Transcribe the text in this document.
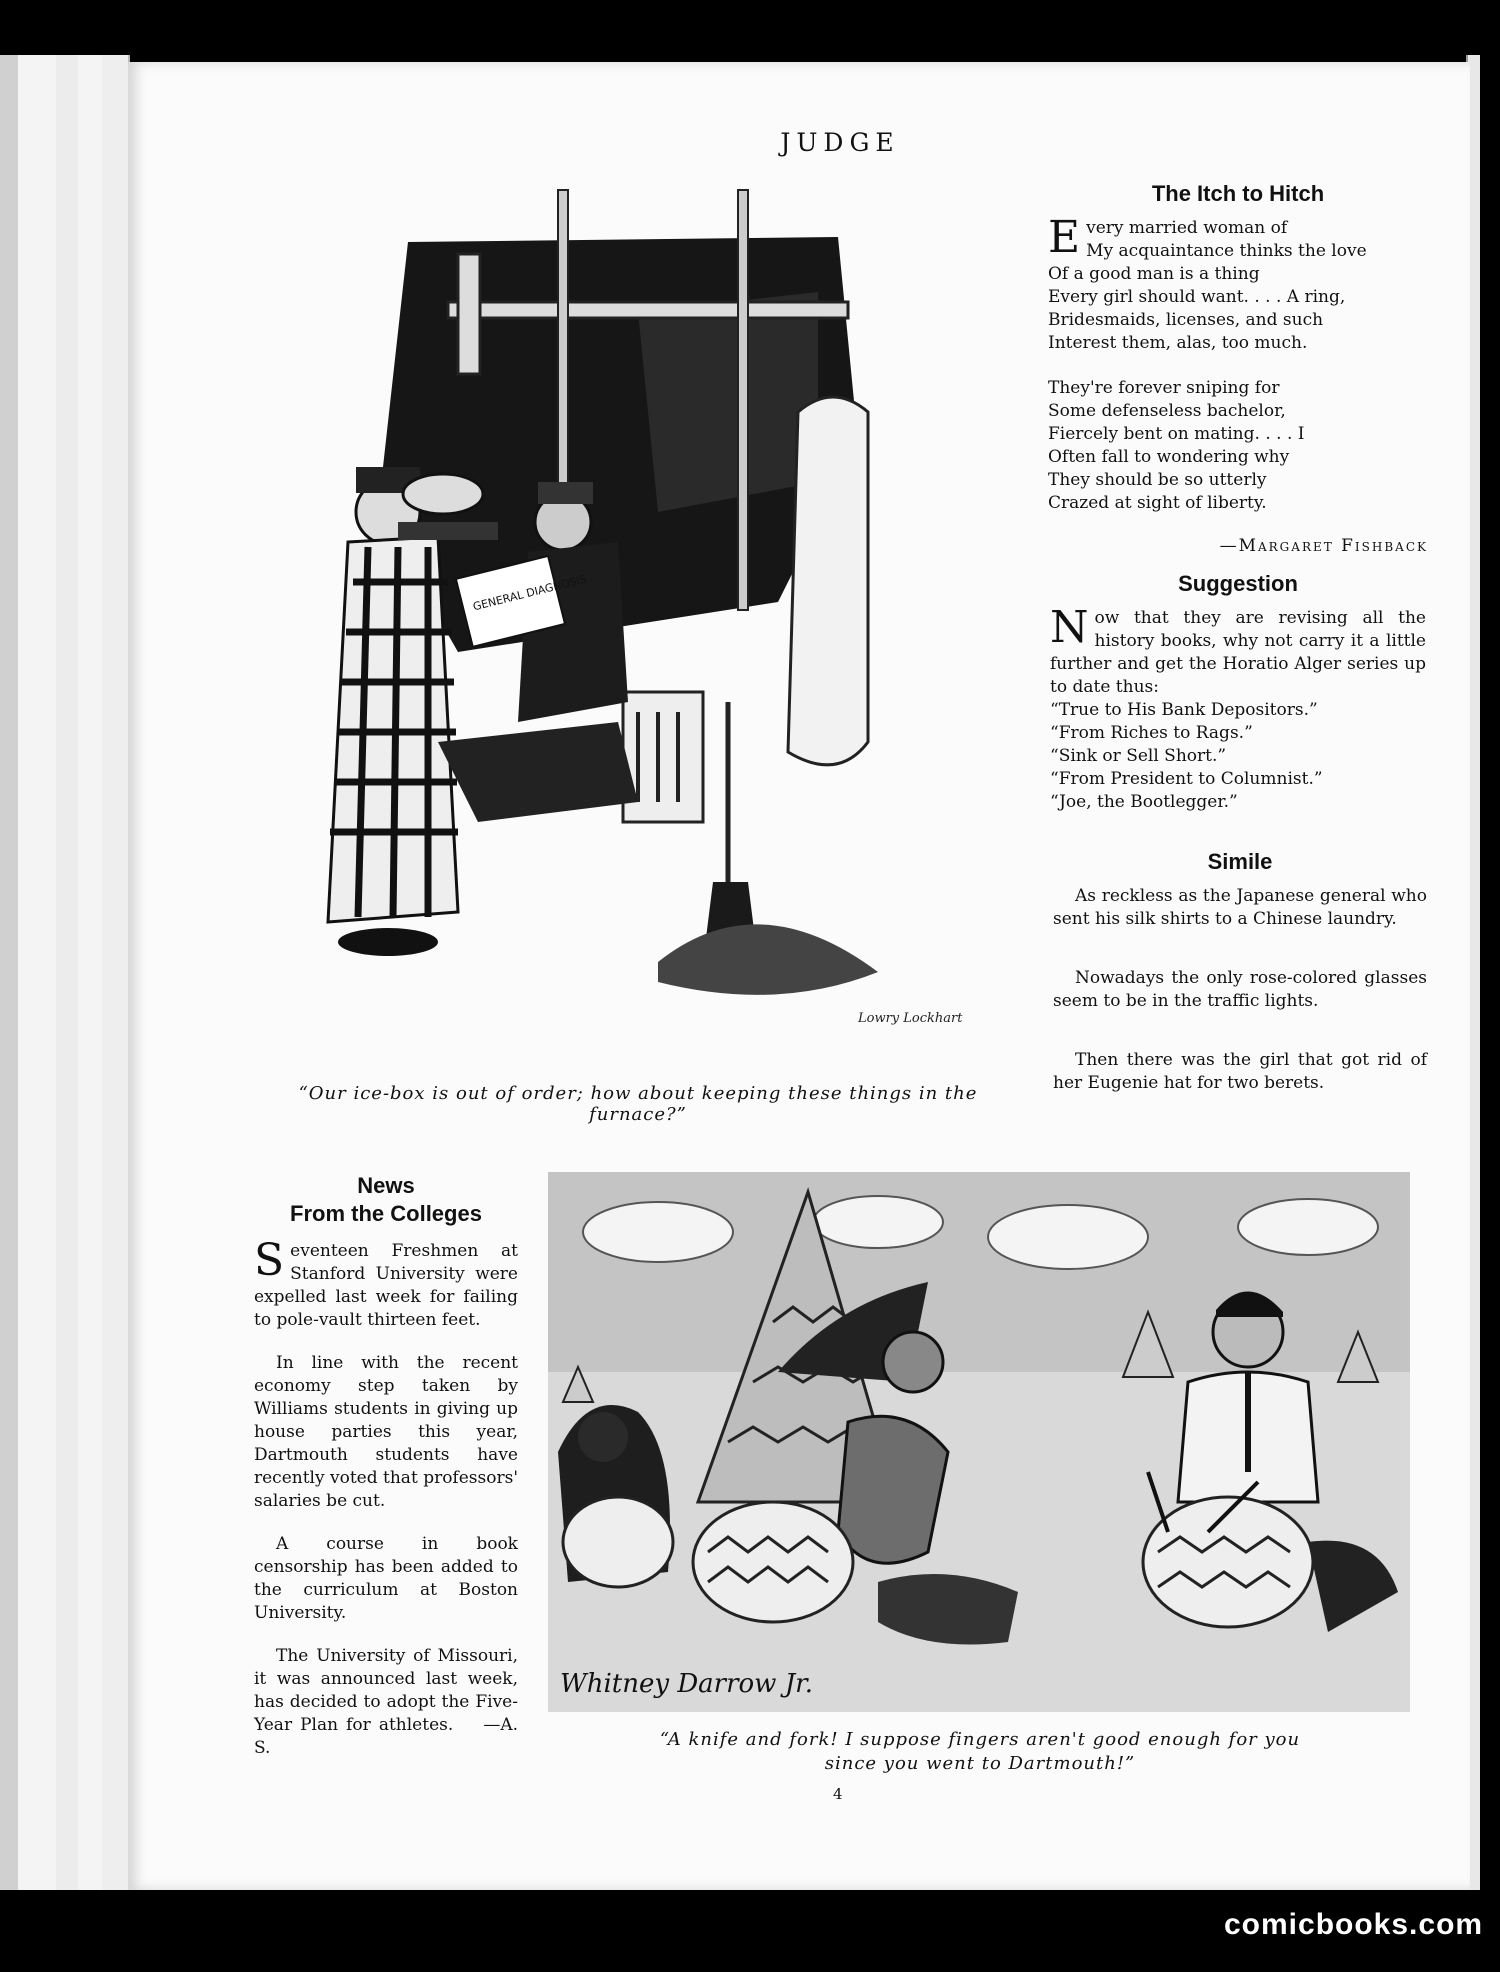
JUDGE
GENERAL DIAGNOSIS
Lowry Lockhart
“Our ice-box is out of order; how about keeping these things in the furnace?”
The Itch to Hitch
E very married woman of
My acquaintance thinks the love
Of a good man is a thing
Every girl should want. . . . A ring,
Bridesmaids, licenses, and such
Interest them, alas, too much.

They're forever sniping for
Some defenseless bachelor,
Fiercely bent on mating. . . . I
Often fall to wondering why
They should be so utterly
Crazed at sight of liberty.

—Margaret Fishback

Suggestion
N ow that they are revising all the history books, why not carry it a little further and get the Horatio Alger series up to date thus:

“True to His Bank Depositors.”
“From Riches to Rags.”
“Sink or Sell Short.”
“From President to Columnist.”
“Joe, the Bootlegger.”

Simile

As reckless as the Japanese general who sent his silk shirts to a Chinese laundry.

Nowadays the only rose-colored glasses seem to be in the traffic lights.

Then there was the girl that got rid of her Eugenie hat for two berets.

News
From the Colleges
S eventeen Freshmen at Stanford University were expelled last week for failing to pole-vault thirteen feet.

In line with the recent economy step taken by Williams students in giving up house parties this year, Dartmouth students have recently voted that professors' salaries be cut.

A course in book censorship has been added to the curriculum at Boston University.

The University of Missouri, it was announced last week, has decided to adopt the Five-Year Plan for athletes. —A. S.

Whitney Darrow Jr.
“A knife and fork! I suppose fingers aren't good enough for you
since you went to Dartmouth!”
4
comicbooks.com
